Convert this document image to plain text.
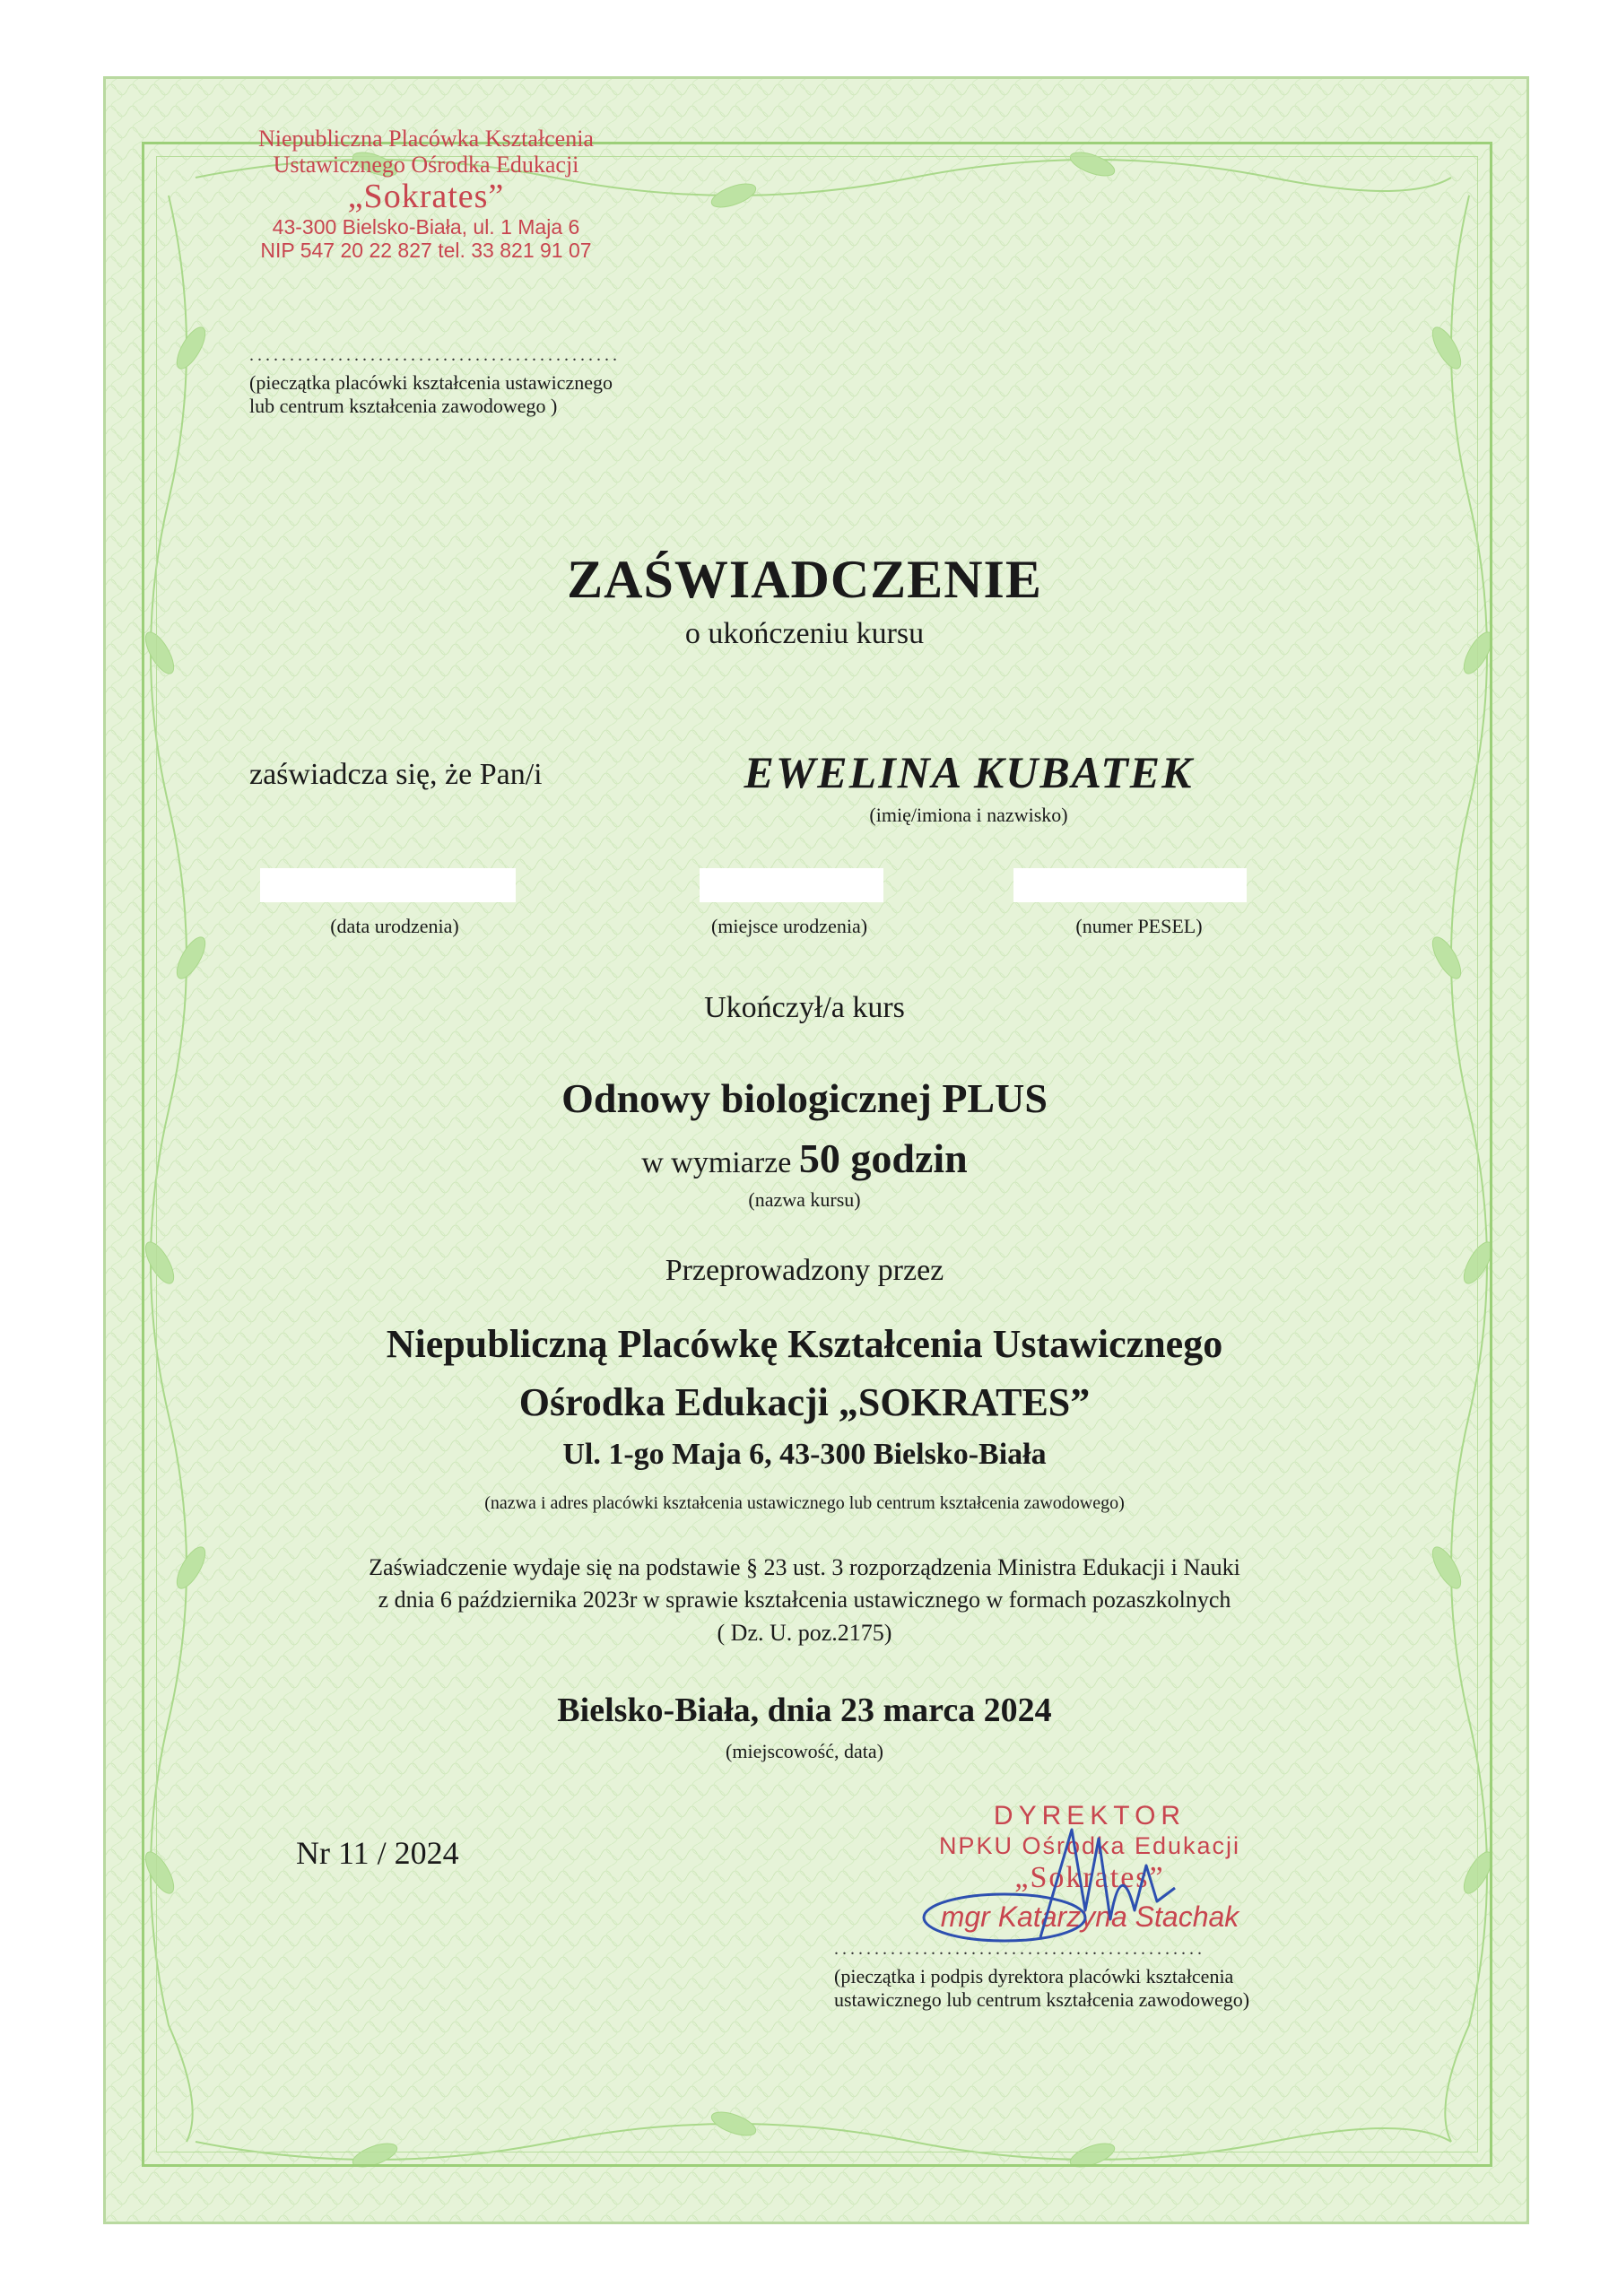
Niepubliczna Placówka Kształcenia
Ustawicznego Ośrodka Edukacji
„Sokrates”
43-300 Bielsko-Biała, ul. 1 Maja 6
NIP 547 20 22 827 tel. 33 821 91 07
..............................................
(pieczątka placówki kształcenia ustawicznego
lub centrum kształcenia zawodowego )
ZAŚWIADCZENIE
o ukończeniu kursu
zaświadcza się, że Pan/i	EWELINA KUBATEK
(imię/imiona i nazwisko)
(data urodzenia)	(miejsce urodzenia)	(numer PESEL)
Ukończył/a kurs
Odnowy biologicznej PLUS
w wymiarze 50 godzin
(nazwa kursu)
Przeprowadzony przez
Niepubliczną Placówkę Kształcenia Ustawicznego
Ośrodka Edukacji „SOKRATES”
Ul. 1-go Maja 6, 43-300 Bielsko-Biała
(nazwa i adres placówki kształcenia ustawicznego lub centrum kształcenia zawodowego)
Zaświadczenie wydaje się na podstawie § 23 ust. 3 rozporządzenia Ministra Edukacji i Nauki
z dnia 6 października 2023r w sprawie kształcenia ustawicznego w formach pozaszkolnych
( Dz. U. poz.2175)
Bielsko-Biała, dnia 23 marca 2024
(miejscowość, data)
Nr 11 / 2024
DYREKTOR
NPKU Ośrodka Edukacji
„Sokrates”
mgr Katarzyna Stachak
..............................................
(pieczątka i podpis dyrektora placówki kształcenia
ustawicznego lub centrum kształcenia zawodowego)
